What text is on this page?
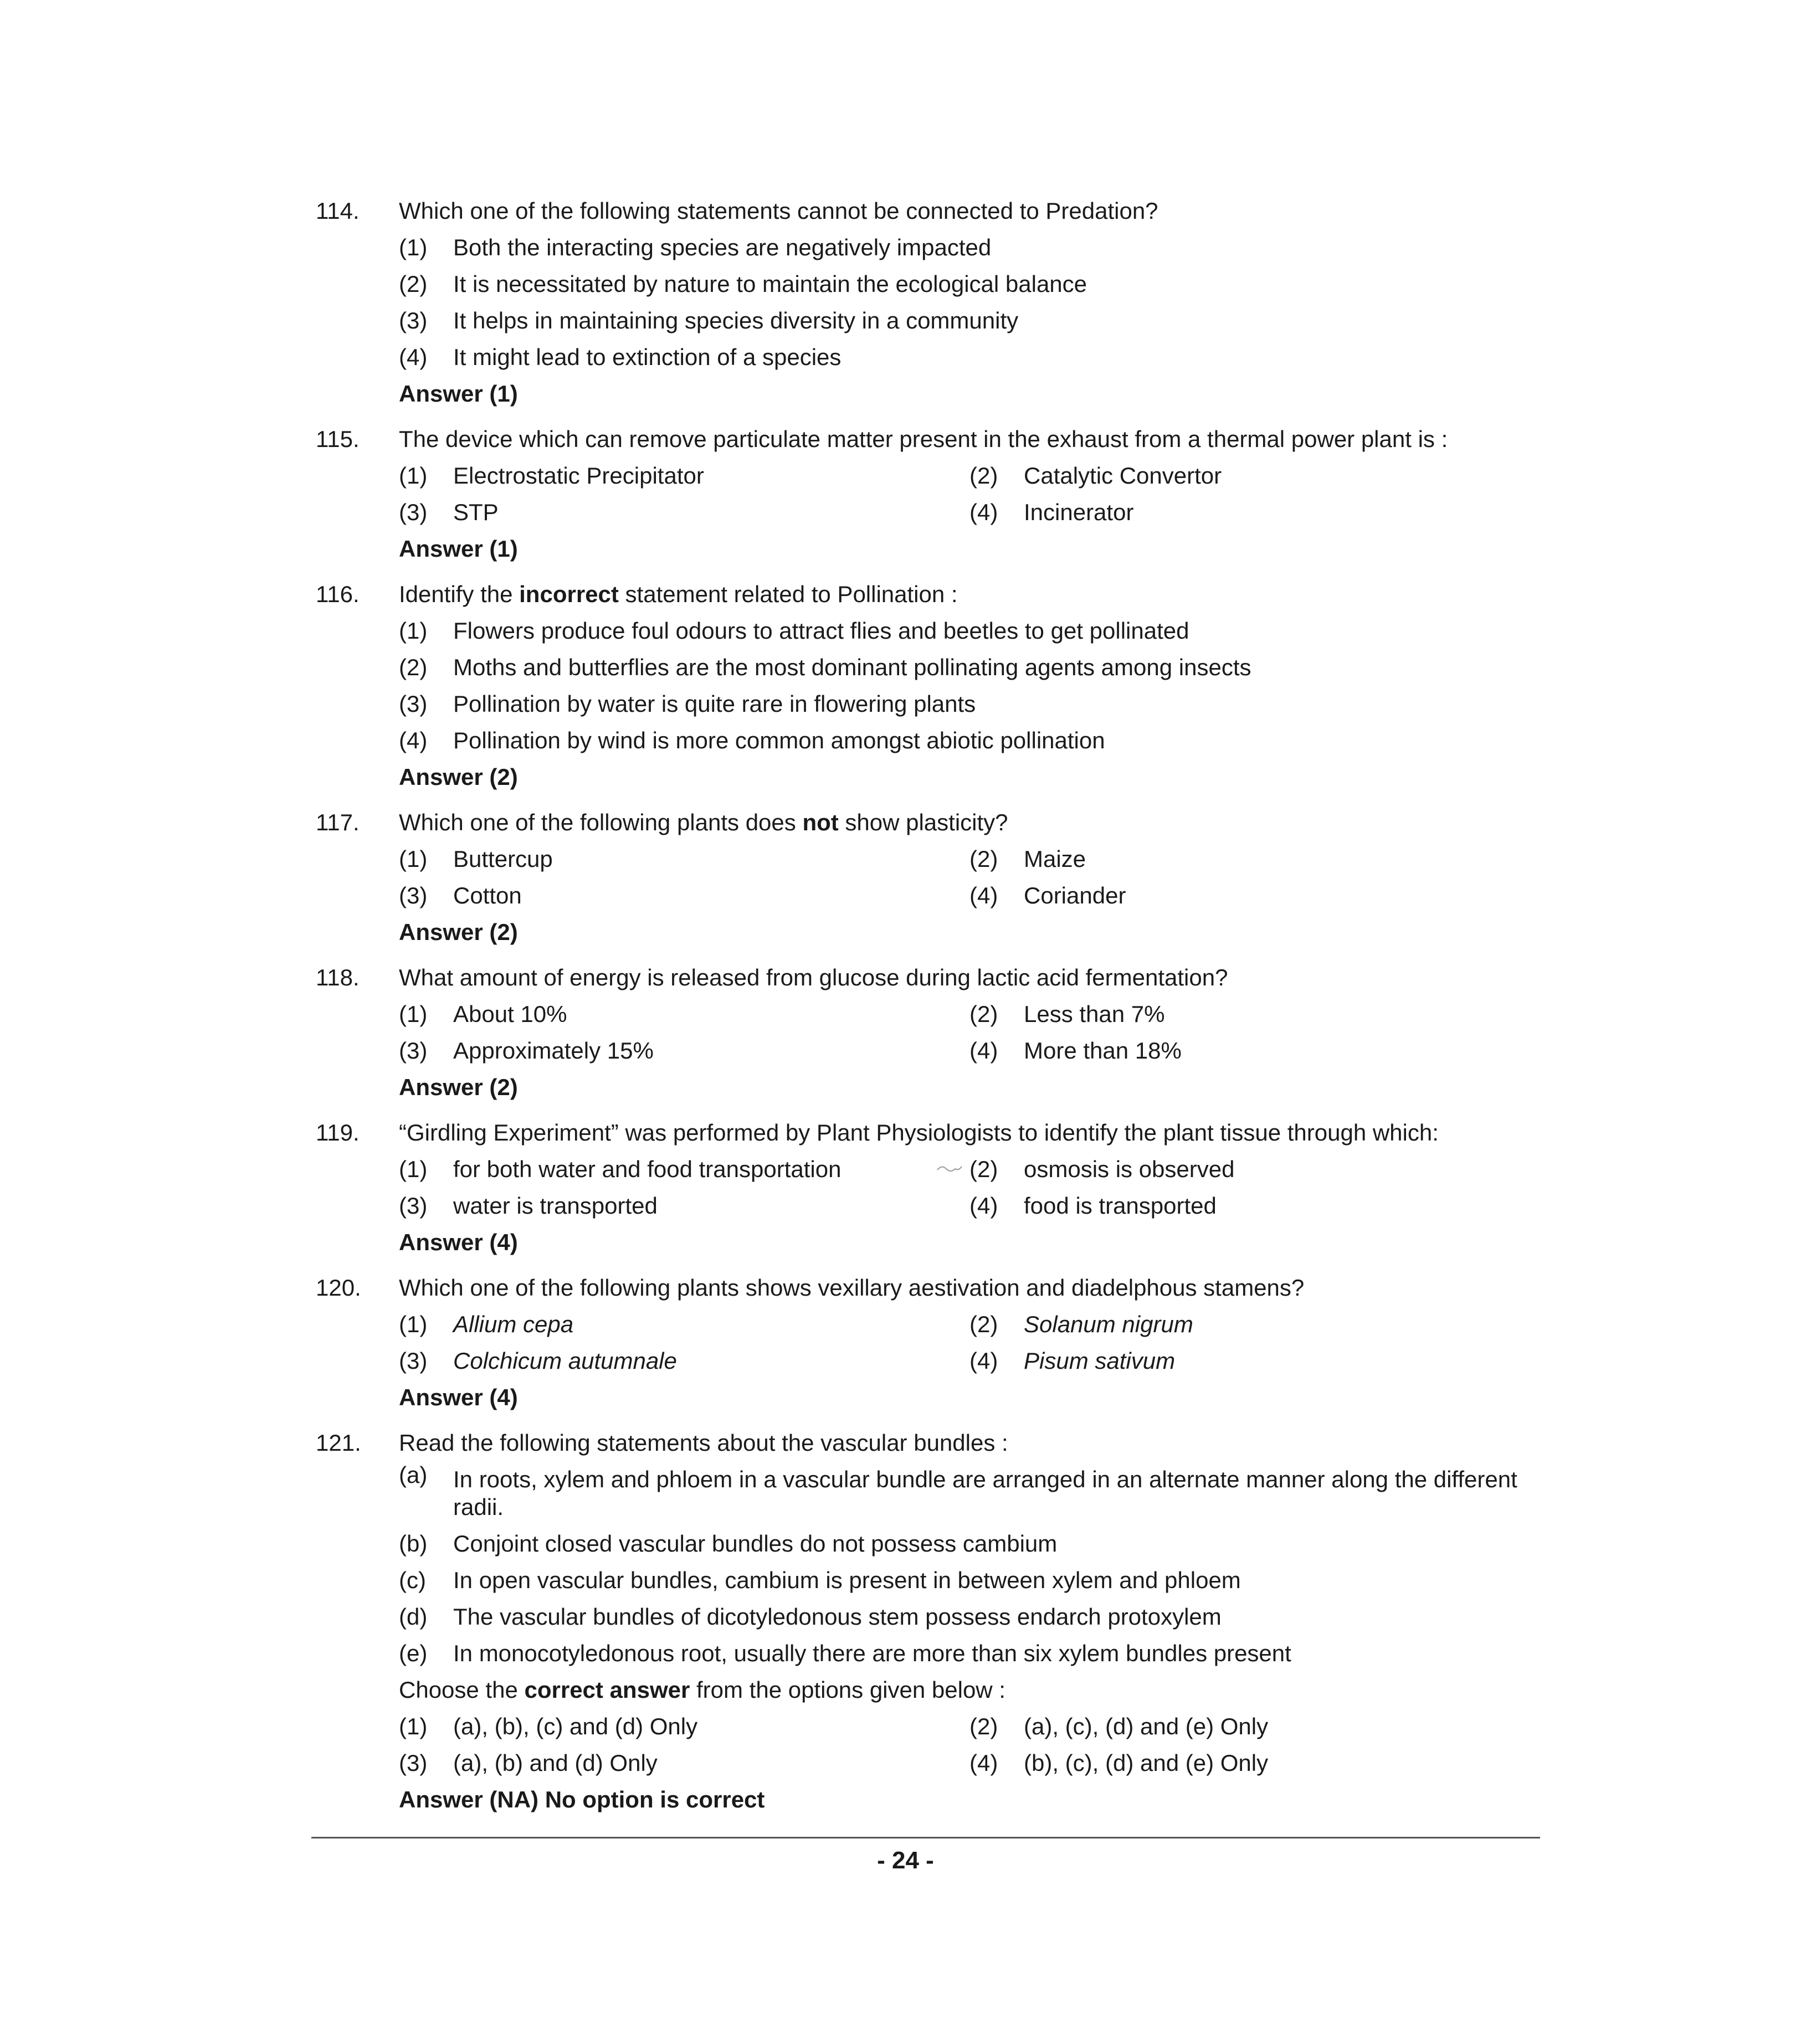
114.	Which one of the following statements cannot be connected to Predation?
(1) Both the interacting species are negatively impacted
(2) It is necessitated by nature to maintain the ecological balance
(3) It helps in maintaining species diversity in a community
(4) It might lead to extinction of a species
Answer (1)
115.	The device which can remove particulate matter present in the exhaust from a thermal power plant is :
(1) Electrostatic Precipitator	(2) Catalytic Convertor
(3) STP	(4) Incinerator
Answer (1)
116.	Identify the incorrect statement related to Pollination :
(1) Flowers produce foul odours to attract flies and beetles to get pollinated
(2) Moths and butterflies are the most dominant pollinating agents among insects
(3) Pollination by water is quite rare in flowering plants
(4) Pollination by wind is more common amongst abiotic pollination
Answer (2)
117.	Which one of the following plants does not show plasticity?
(1) Buttercup	(2) Maize
(3) Cotton	(4) Coriander
Answer (2)
118.	What amount of energy is released from glucose during lactic acid fermentation?
(1) About 10%	(2) Less than 7%
(3) Approximately 15%	(4) More than 18%
Answer (2)
119.	“Girdling Experiment” was performed by Plant Physiologists to identify the plant tissue through which:
(1) for both water and food transportation	(2) osmosis is observed
(3) water is transported	(4) food is transported
Answer (4)
120.	Which one of the following plants shows vexillary aestivation and diadelphous stamens?
(1) Allium cepa	(2) Solanum nigrum
(3) Colchicum autumnale	(4) Pisum sativum
Answer (4)
121.	Read the following statements about the vascular bundles :
(a) In roots, xylem and phloem in a vascular bundle are arranged in an alternate manner along the different radii.
(b) Conjoint closed vascular bundles do not possess cambium
(c) In open vascular bundles, cambium is present in between xylem and phloem
(d) The vascular bundles of dicotyledonous stem possess endarch protoxylem
(e) In monocotyledonous root, usually there are more than six xylem bundles present
Choose the correct answer from the options given below :
(1) (a), (b), (c) and (d) Only	(2) (a), (c), (d) and (e) Only
(3) (a), (b) and (d) Only	(4) (b), (c), (d) and (e) Only
Answer (NA) No option is correct
- 24 -
